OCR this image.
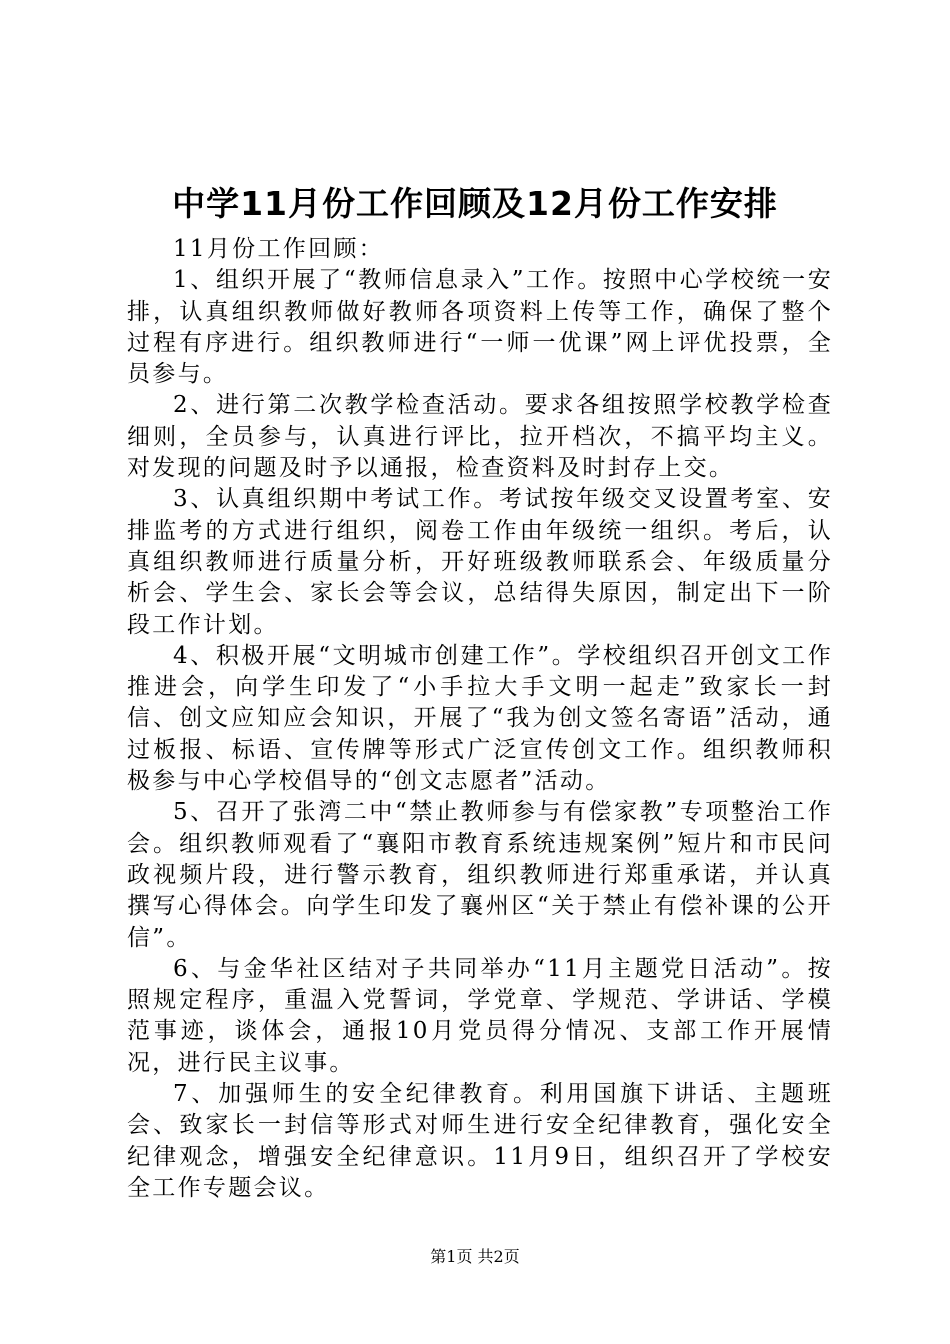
中学11月份工作回顾及12月份工作安排

11月份工作回顾：

1、组织开展了“教师信息录入”工作。按照中心学校统一安排，认真组织教师做好教师各项资料上传等工作，确保了整个过程有序进行。组织教师进行“一师一优课”网上评优投票，全员参与。

2、进行第二次教学检查活动。要求各组按照学校教学检查细则，全员参与，认真进行评比，拉开档次，不搞平均主义。对发现的问题及时予以通报，检查资料及时封存上交。

3、认真组织期中考试工作。考试按年级交叉设置考室、安排监考的方式进行组织，阅卷工作由年级统一组织。考后，认真组织教师进行质量分析，开好班级教师联系会、年级质量分析会、学生会、家长会等会议，总结得失原因，制定出下一阶段工作计划。

4、积极开展“文明城市创建工作”。学校组织召开创文工作推进会，向学生印发了“小手拉大手文明一起走”致家长一封信、创文应知应会知识，开展了“我为创文签名寄语”活动，通过板报、标语、宣传牌等形式广泛宣传创文工作。组织教师积极参与中心学校倡导的“创文志愿者”活动。

5、召开了张湾二中“禁止教师参与有偿家教”专项整治工作会。组织教师观看了“襄阳市教育系统违规案例”短片和市民问政视频片段，进行警示教育，组织教师进行郑重承诺，并认真撰写心得体会。向学生印发了襄州区“关于禁止有偿补课的公开信”。

6、与金华社区结对子共同举办“11月主题党日活动”。按照规定程序，重温入党誓词，学党章、学规范、学讲话、学模范事迹，谈体会，通报10月党员得分情况、支部工作开展情况，进行民主议事。

7、加强师生的安全纪律教育。利用国旗下讲话、主题班会、致家长一封信等形式对师生进行安全纪律教育，强化安全纪律观念，增强安全纪律意识。11月9日，组织召开了学校安全工作专题会议。

第1页 共2页
